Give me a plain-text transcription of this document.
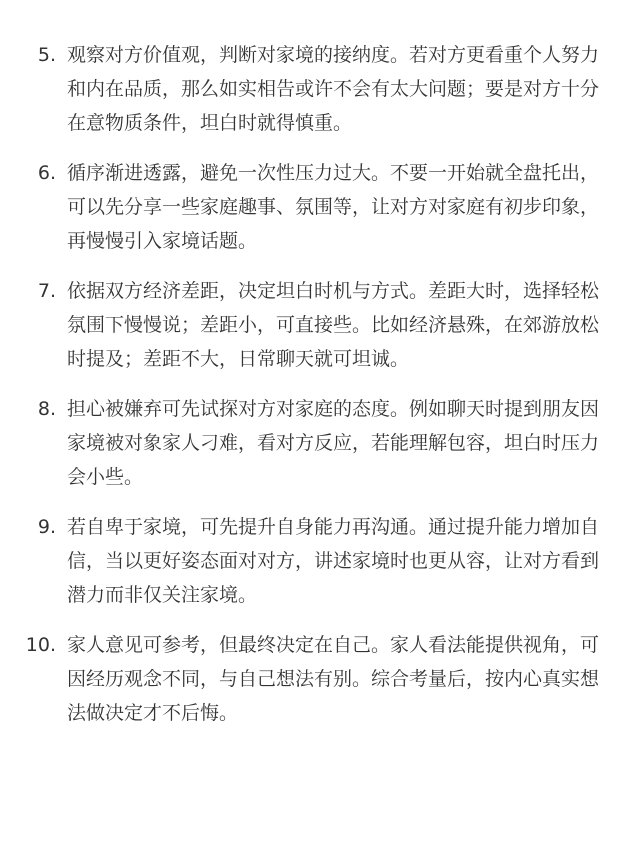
5. 观察对方价值观，判断对家境的接纳度。若对方更看重个人努力和内在品质，那么如实相告或许不会有太大问题；要是对方十分在意物质条件，坦白时就得慎重。
6. 循序渐进透露，避免一次性压力过大。不要一开始就全盘托出，可以先分享一些家庭趣事、氛围等，让对方对家庭有初步印象，再慢慢引入家境话题。
7. 依据双方经济差距，决定坦白时机与方式。差距大时，选择轻松氛围下慢慢说；差距小，可直接些。比如经济悬殊，在郊游放松时提及；差距不大，日常聊天就可坦诚。
8. 担心被嫌弃可先试探对方对家庭的态度。例如聊天时提到朋友因家境被对象家人刁难，看对方反应，若能理解包容，坦白时压力会小些。
9. 若自卑于家境，可先提升自身能力再沟通。通过提升能力增加自信，当以更好姿态面对对方，讲述家境时也更从容，让对方看到潜力而非仅关注家境。
10. 家人意见可参考，但最终决定在自己。家人看法能提供视角，可因经历观念不同，与自己想法有别。综合考量后，按内心真实想法做决定才不后悔。
